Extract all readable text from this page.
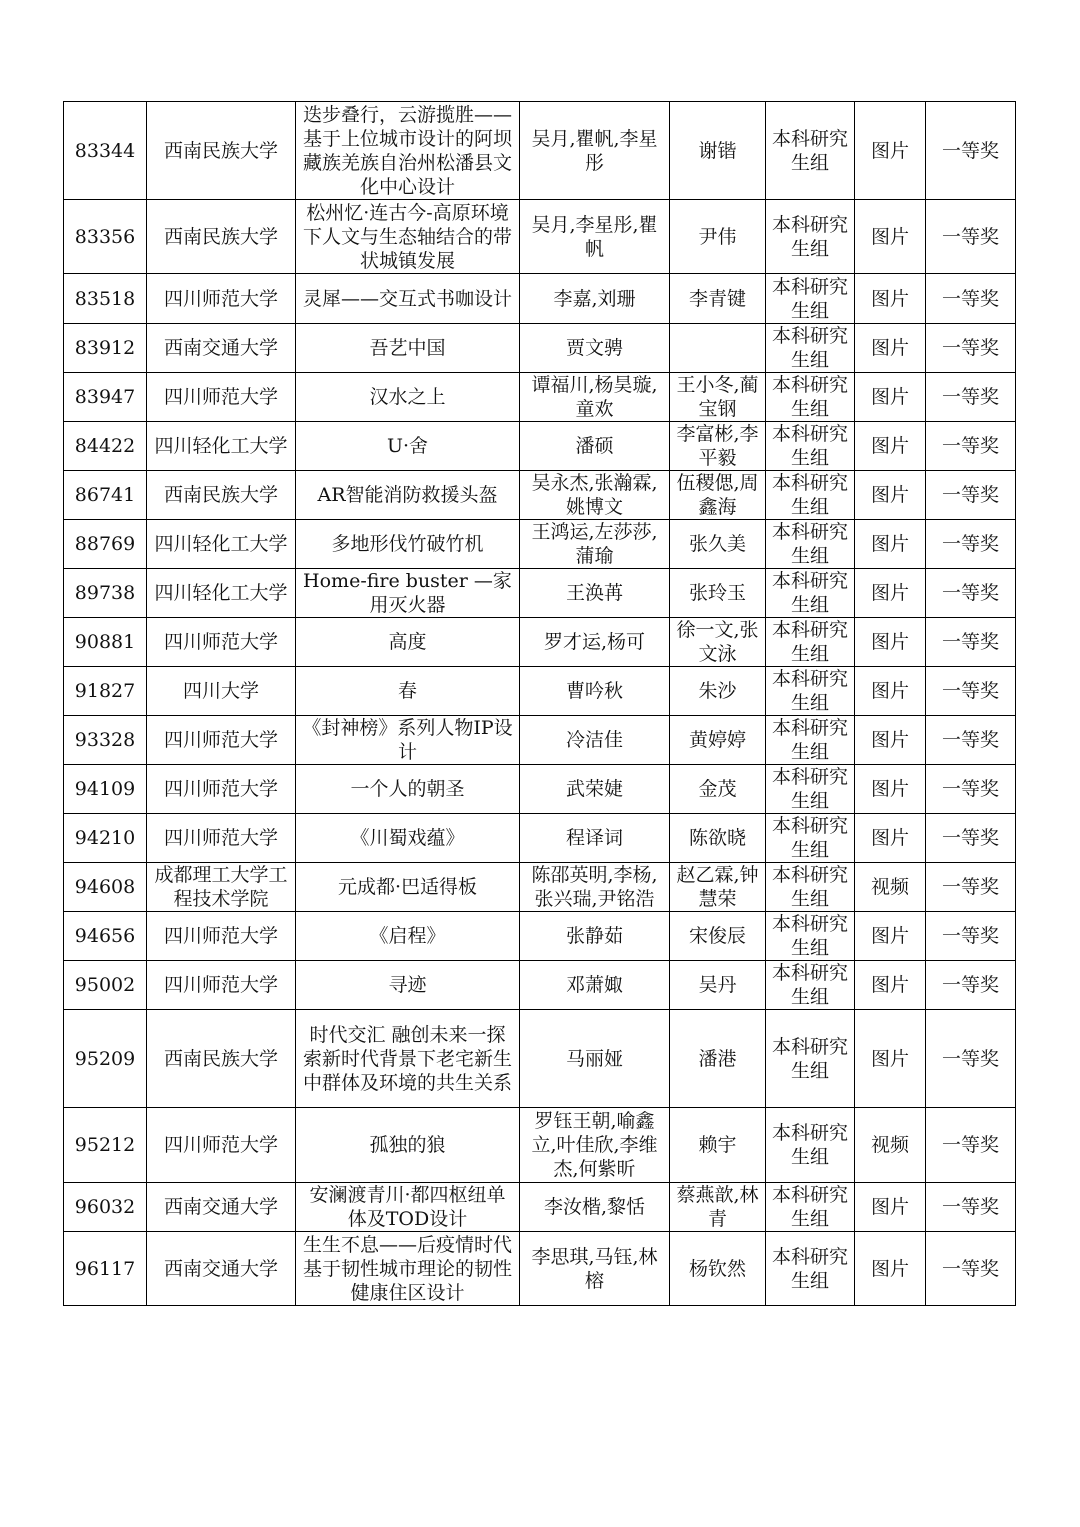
83344	西南民族大学	迭步叠行，云游揽胜——基于上位城市设计的阿坝藏族羌族自治州松潘县文化中心设计	吴月,瞿帆,李星彤	谢锴	本科研究生组	图片	一等奖
83356	西南民族大学	松州忆·连古今-高原环境下人文与生态轴结合的带状城镇发展	吴月,李星彤,瞿帆	尹伟	本科研究生组	图片	一等奖
83518	四川师范大学	灵犀——交互式书咖设计	李嘉,刘珊	李青键	本科研究生组	图片	一等奖
83912	西南交通大学	吾艺中国	贾文骋		本科研究生组	图片	一等奖
83947	四川师范大学	汉水之上	谭福川,杨昊璇,童欢	王小冬,蔺宝钢	本科研究生组	图片	一等奖
84422	四川轻化工大学	U·舍	潘硕	李富彬,李平毅	本科研究生组	图片	一等奖
86741	西南民族大学	AR智能消防救援头盔	吴永杰,张瀚霖,姚博文	伍稷偲,周鑫海	本科研究生组	图片	一等奖
88769	四川轻化工大学	多地形伐竹破竹机	王鸿运,左莎莎,蒲瑜	张久美	本科研究生组	图片	一等奖
89738	四川轻化工大学	Home-fire buster —家用灭火器	王涣苒	张玲玉	本科研究生组	图片	一等奖
90881	四川师范大学	高度	罗才运,杨可	徐一文,张文泳	本科研究生组	图片	一等奖
91827	四川大学	春	曹吟秋	朱沙	本科研究生组	图片	一等奖
93328	四川师范大学	《封神榜》系列人物IP设计	冷洁佳	黄婷婷	本科研究生组	图片	一等奖
94109	四川师范大学	一个人的朝圣	武荣婕	金茂	本科研究生组	图片	一等奖
94210	四川师范大学	《川蜀戏蕴》	程译词	陈欲晓	本科研究生组	图片	一等奖
94608	成都理工大学工程技术学院	元成都·巴适得板	陈邵英明,李杨,张兴瑞,尹铭浩	赵乙霖,钟慧荣	本科研究生组	视频	一等奖
94656	四川师范大学	《启程》	张静茹	宋俊辰	本科研究生组	图片	一等奖
95002	四川师范大学	寻迹	邓萧娵	吴丹	本科研究生组	图片	一等奖
95209	西南民族大学	时代交汇 融创未来一探索新时代背景下老宅新生中群体及环境的共生关系	马丽娅	潘港	本科研究生组	图片	一等奖
95212	四川师范大学	孤独的狼	罗钰王朝,喻鑫立,叶佳欣,李维杰,何紫昕	赖宇	本科研究生组	视频	一等奖
96032	西南交通大学	安澜渡青川·都四枢纽单体及TOD设计	李汝楷,黎恬	蔡燕歆,林青	本科研究生组	图片	一等奖
96117	西南交通大学	生生不息——后疫情时代基于韧性城市理论的韧性健康住区设计	李思琪,马钰,林榕	杨钦然	本科研究生组	图片	一等奖
